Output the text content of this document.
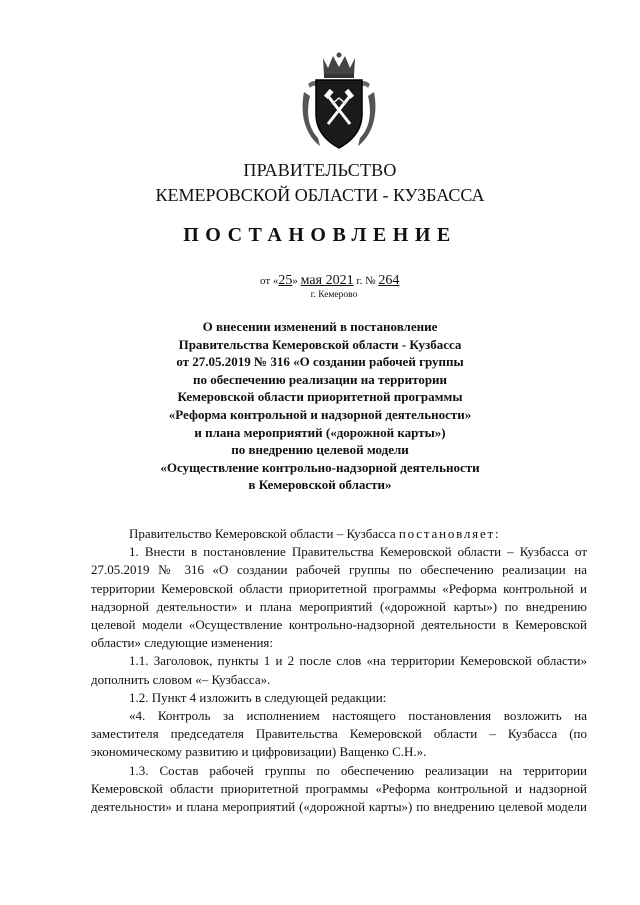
ПРАВИТЕЛЬСТВО
КЕМЕРОВСКОЙ ОБЛАСТИ - КУЗБАССА
ПОСТАНОВЛЕНИЕ
от «25» мая 2021 г. № 264
г. Кемерово
О внесении изменений в постановление
Правительства Кемеровской области - Кузбасса
от 27.05.2019 № 316 «О создании рабочей группы
по обеспечению реализации на территории
Кемеровской области приоритетной программы
«Реформа контрольной и надзорной деятельности»
и плана мероприятий («дорожной карты»)
по внедрению целевой модели
«Осуществление контрольно-надзорной деятельности
в Кемеровской области»

Правительство Кемеровской области – Кузбасса постановляет:

1. Внести в постановление Правительства Кемеровской области – Кузбасса от 27.05.2019 № 316 «О создании рабочей группы по обеспечению реализации на территории Кемеровской области приоритетной программы «Реформа контрольной и надзорной деятельности» и плана мероприятий («дорожной карты») по внедрению целевой модели «Осуществление контрольно-надзорной деятельности в Кемеровской области» следующие изменения:

1.1. Заголовок, пункты 1 и 2 после слов «на территории Кемеровской области» дополнить словом «– Кузбасса».

1.2. Пункт 4 изложить в следующей редакции:

«4. Контроль за исполнением настоящего постановления возложить на заместителя председателя Правительства Кемеровской области – Кузбасса (по экономическому развитию и цифровизации) Ващенко С.Н.».

1.3. Состав рабочей группы по обеспечению реализации на территории Кемеровской области приоритетной программы «Реформа контрольной и надзорной деятельности» и плана мероприятий («дорожной карты») по внедрению целевой модели
